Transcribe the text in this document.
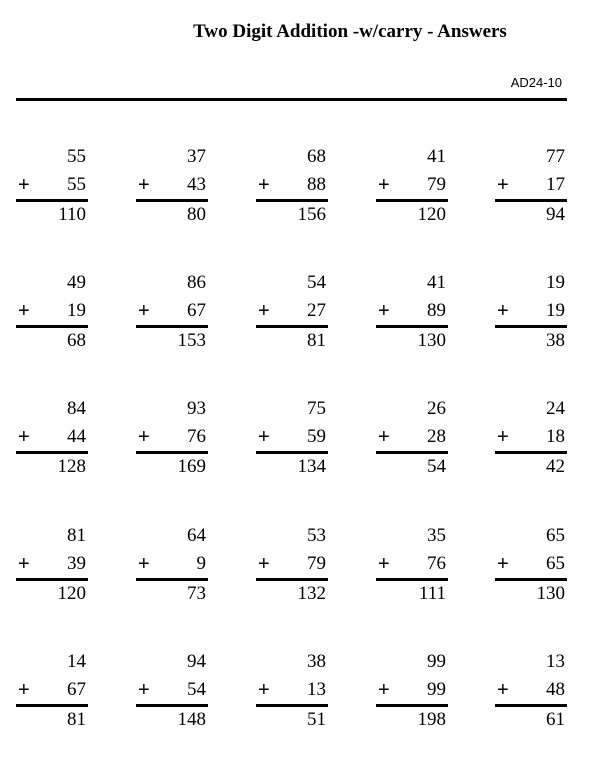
Two Digit Addition -w/carry - Answers
AD24-10
55
+ 55
110
37
+ 43
80
68
+ 88
156
41
+ 79
120
77
+ 17
94
49
+ 19
68
86
+ 67
153
54
+ 27
81
41
+ 89
130
19
+ 19
38
84
+ 44
128
93
+ 76
169
75
+ 59
134
26
+ 28
54
24
+ 18
42
81
+ 39
120
64
+ 9
73
53
+ 79
132
35
+ 76
111
65
+ 65
130
14
+ 67
81
94
+ 54
148
38
+ 13
51
99
+ 99
198
13
+ 48
61
